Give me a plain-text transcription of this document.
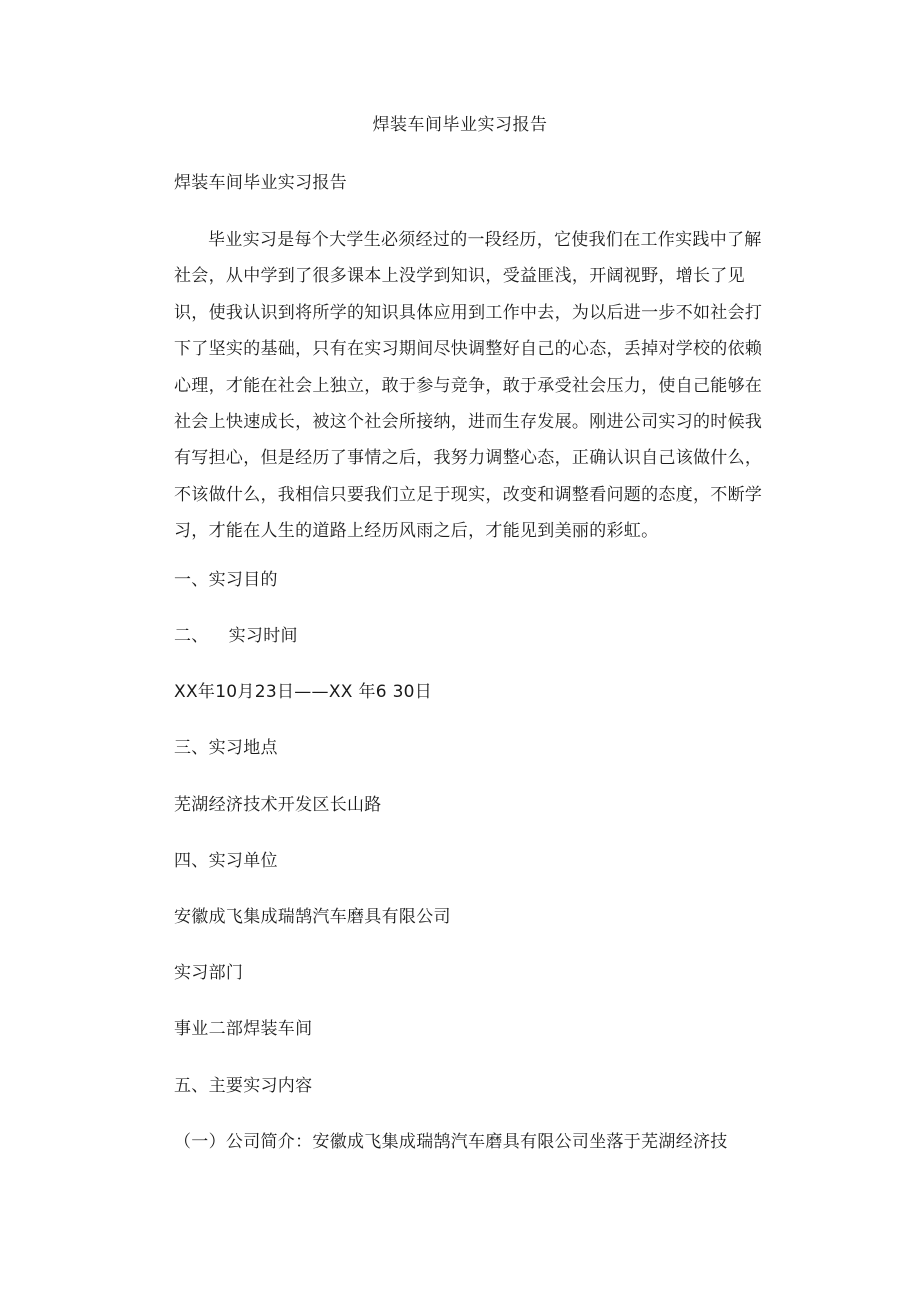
焊装车间毕业实习报告
焊装车间毕业实习报告
毕业实习是每个大学生必须经过的一段经历，它使我们在工作实践中了解
社会，从中学到了很多课本上没学到知识，受益匪浅，开阔视野，增长了见
识，使我认识到将所学的知识具体应用到工作中去，为以后进一步不如社会打
下了坚实的基础，只有在实习期间尽快调整好自己的心态，丢掉对学校的依赖
心理，才能在社会上独立，敢于参与竞争，敢于承受社会压力，使自己能够在
社会上快速成长，被这个社会所接纳，进而生存发展。刚进公司实习的时候我
有写担心，但是经历了事情之后，我努力调整心态，正确认识自己该做什么，
不该做什么，我相信只要我们立足于现实，改变和调整看问题的态度，不断学
习，才能在人生的道路上经历风雨之后，才能见到美丽的彩虹。
一、实习目的
二、 实习时间
XX年10月23日——XX 年6 30日
三、实习地点
芜湖经济技术开发区长山路
四、实习单位
安徽成飞集成瑞鹄汽车磨具有限公司
实习部门
事业二部焊装车间
五、主要实习内容
（一）公司简介：安徽成飞集成瑞鹄汽车磨具有限公司坐落于芜湖经济技
